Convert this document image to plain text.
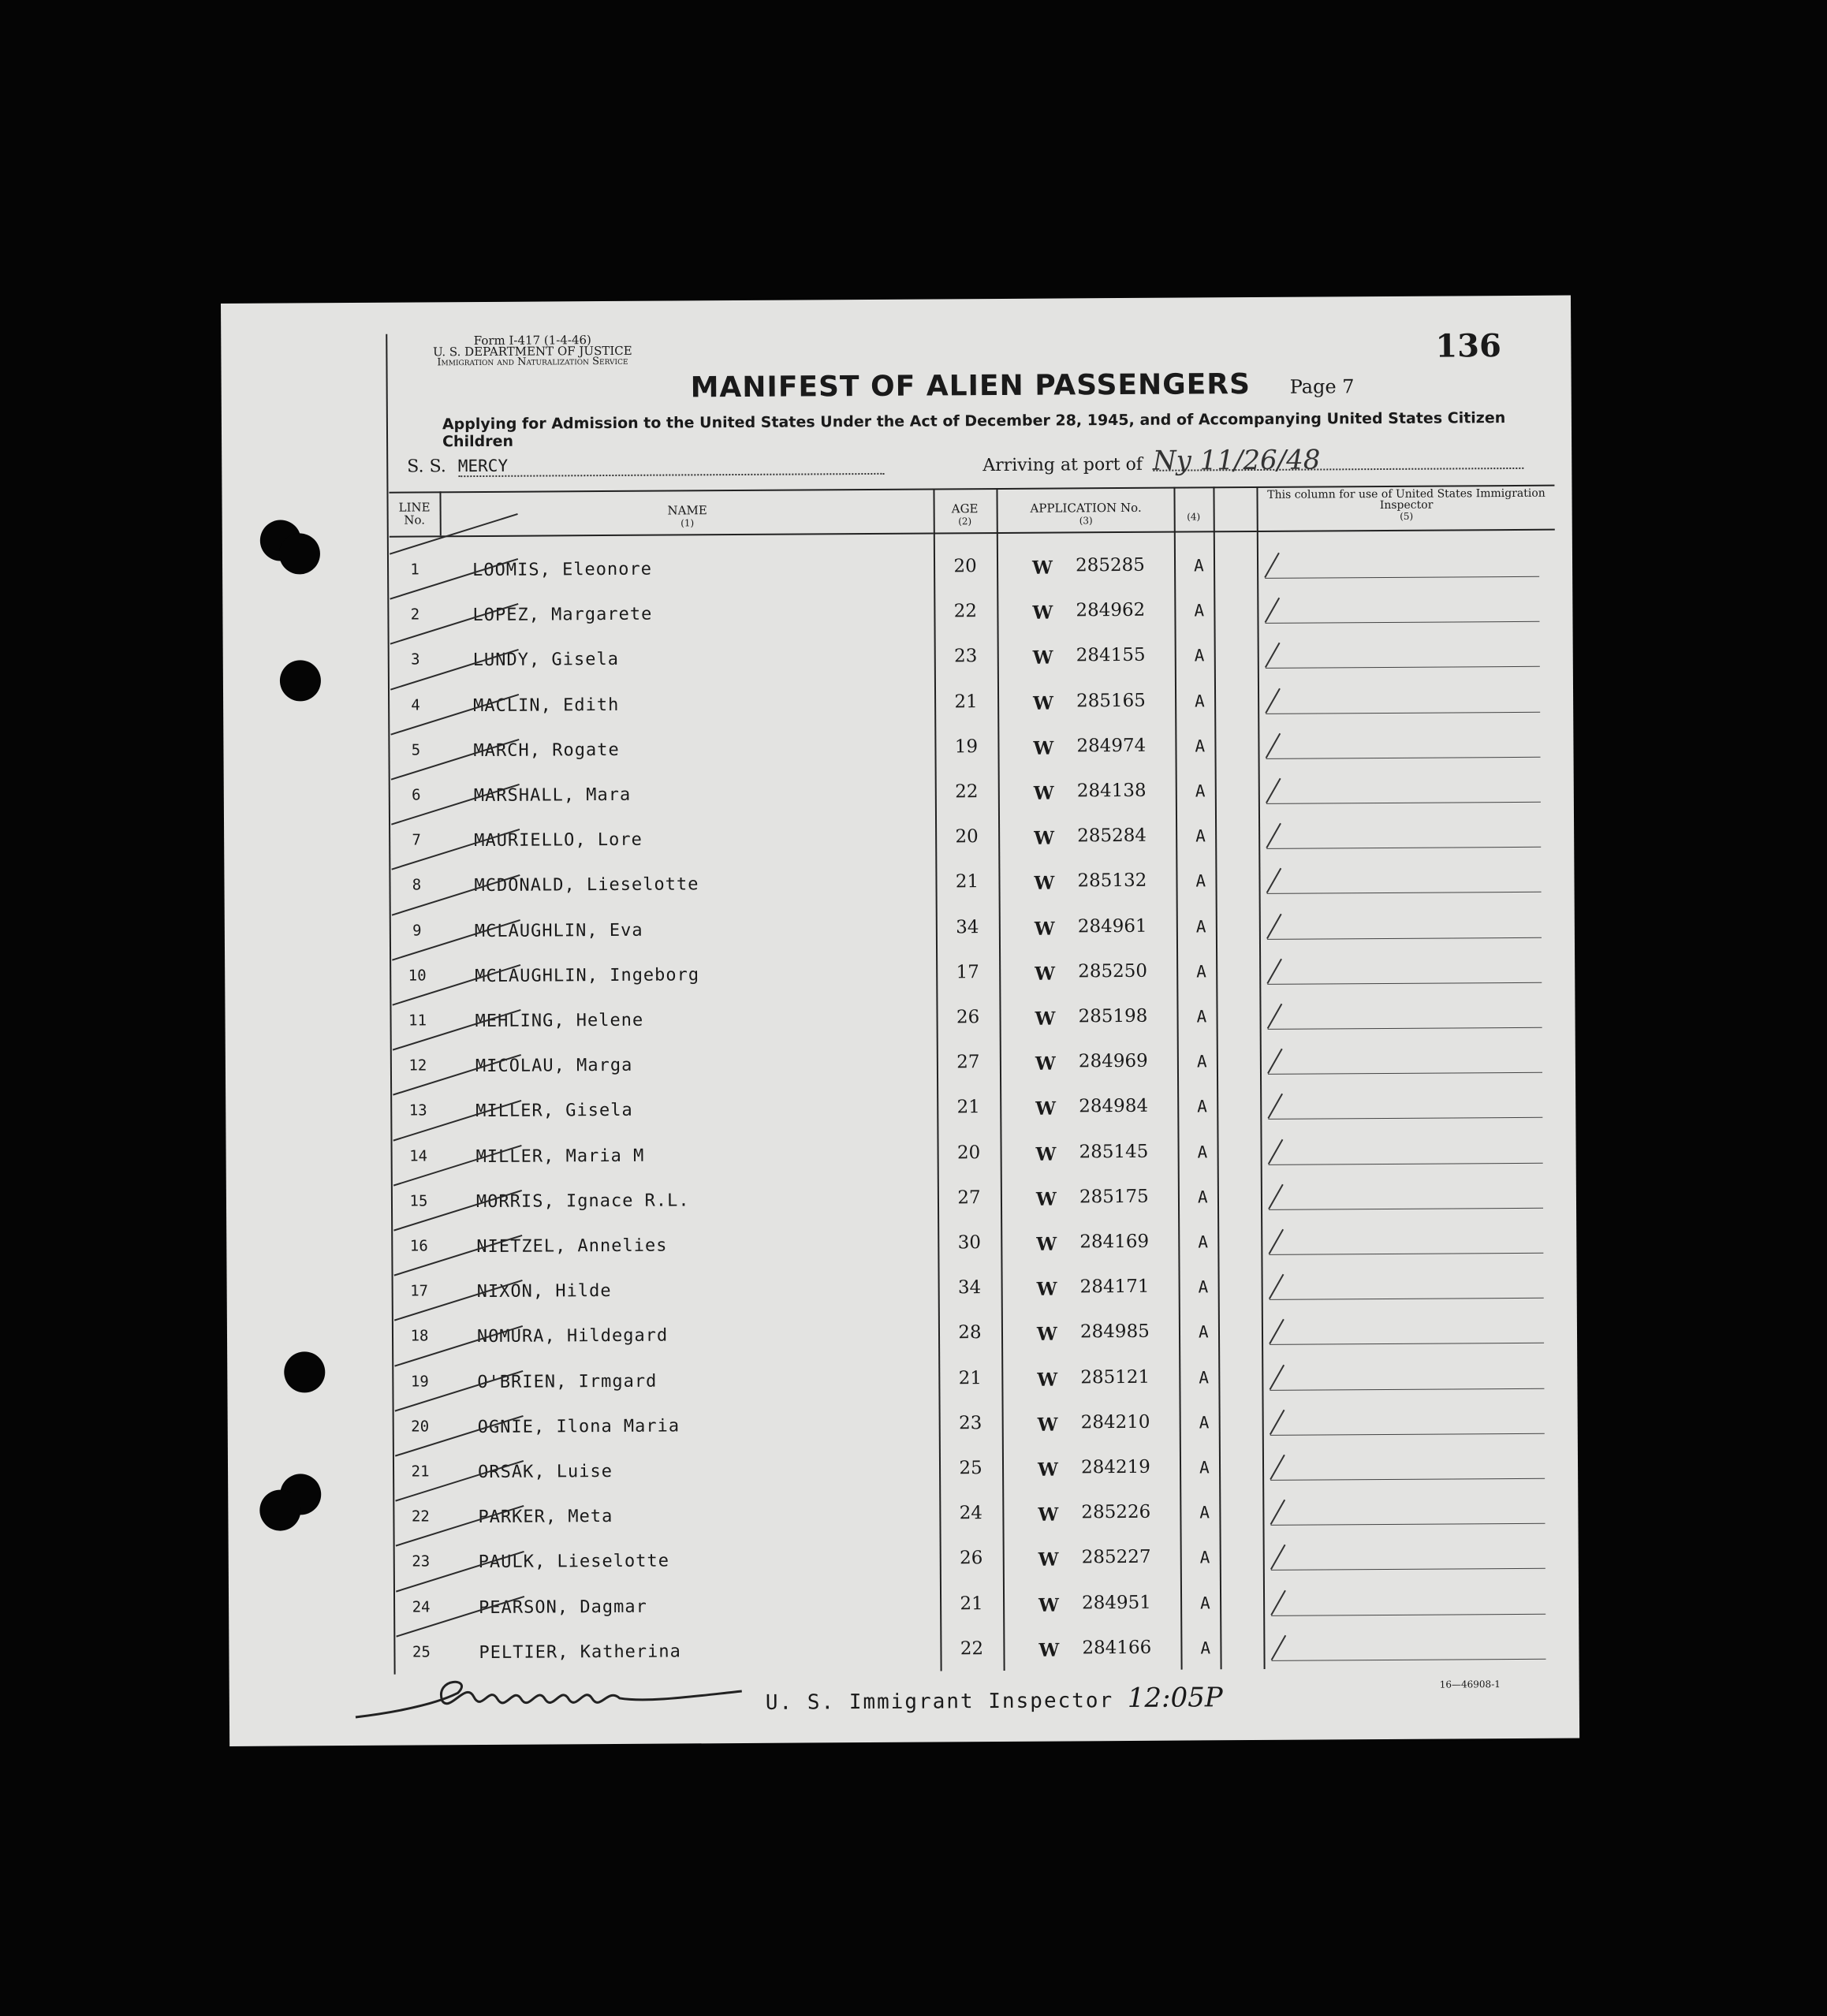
Form I-417 (1-4-46)
U. S. DEPARTMENT OF JUSTICE
Immigration and Naturalization Service	136
MANIFEST OF ALIEN PASSENGERS Page 7
Applying for Admission to the United States Under the Act of December 28, 1945, and of Accompanying United States Citizen Children
S. S. MERCY	Arriving at port of Ny 11/26/48
LINE No.
NAME
(1)
AGE
(2)
APPLICATION No.
(3)	(4)
This column for use of United States Immigration Inspector
(5)
1	LOOMIS, Eleonore	20	W 285285	A
2	LOPEZ, Margarete	22	W 284962	A
3	LUNDY, Gisela	23	W 284155	A
4	MACLIN, Edith	21	W 285165	A
5	MARCH, Rogate	19	W 284974	A
6	MARSHALL, Mara	22	W 284138	A
7	MAURIELLO, Lore	20	W 285284	A
8	MCDONALD, Lieselotte	21	W 285132	A
9	MCLAUGHLIN, Eva	34	W 284961	A
10	MCLAUGHLIN, Ingeborg	17	W 285250	A
11	MEHLING, Helene	26	W 285198	A
12	MICOLAU, Marga	27	W 284969	A
13	MILLER, Gisela	21	W 284984	A
14	MILLER, Maria M	20	W 285145	A
15	MORRIS, Ignace R.L.	27	W 285175	A
16	NIETZEL, Annelies	30	W 284169	A
17	NIXON, Hilde	34	W 284171	A
18	NOMURA, Hildegard	28	W 284985	A
19	O'BRIEN, Irmgard	21	W 285121	A
20	OGNIE, Ilona Maria	23	W 284210	A
21	ORSAK, Luise	25	W 284219	A
22	PARKER, Meta	24	W 285226	A
23	PAULK, Lieselotte	26	W 285227	A
24	PEARSON, Dagmar	21	W 284951	A
25	PELTIER, Katherina	22	W 284166	A
U. S. Immigrant Inspector 12:05P	16—46908-1
